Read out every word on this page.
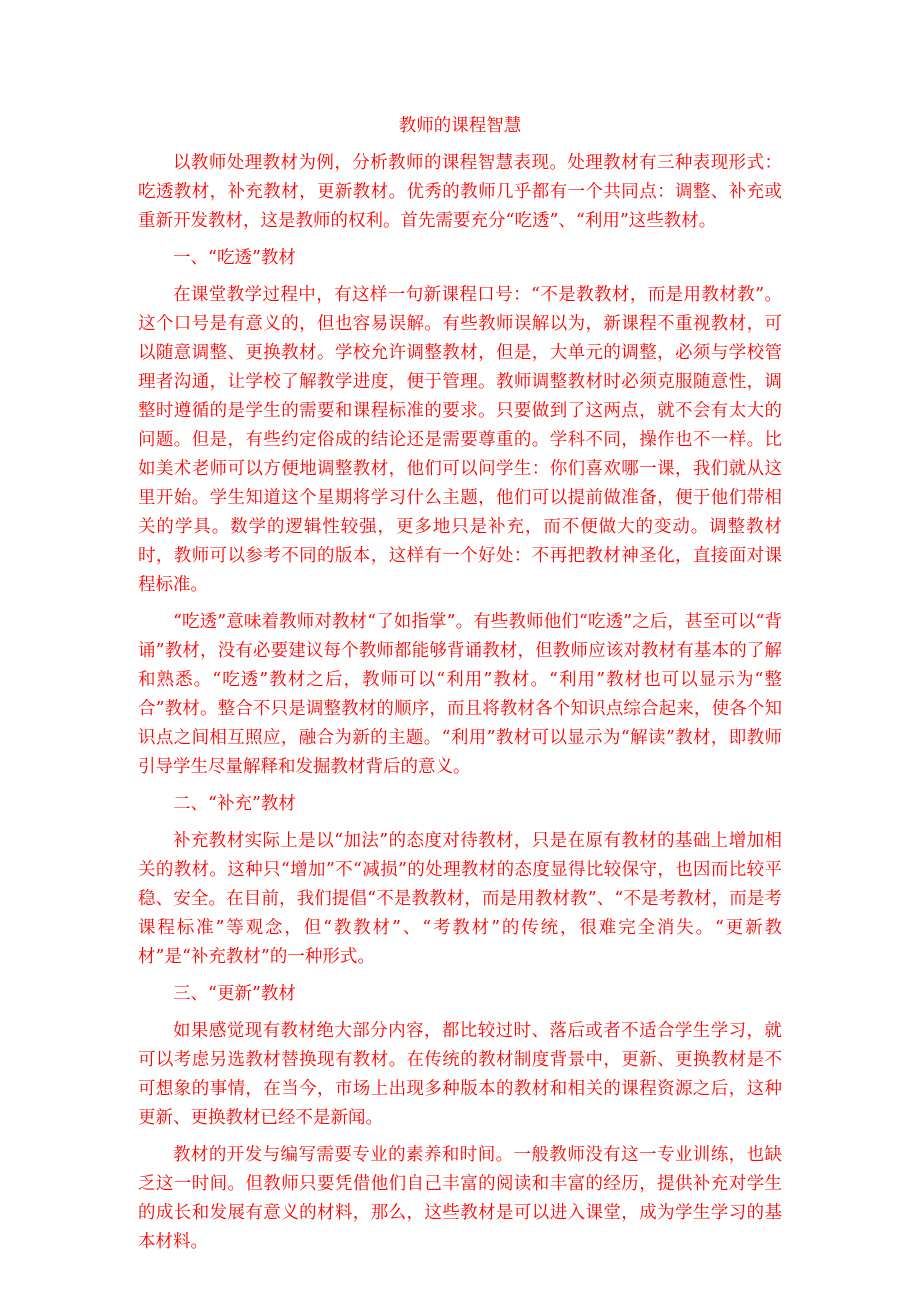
教师的课程智慧

以教师处理教材为例，分析教师的课程智慧表现。处理教材有三种表现形式：吃透教材，补充教材，更新教材。优秀的教师几乎都有一个共同点：调整、补充或重新开发教材，这是教师的权利。首先需要充分“吃透”、“利用”这些教材。

一、“吃透”教材

在课堂教学过程中，有这样一句新课程口号：“不是教教材，而是用教材教”。这个口号是有意义的，但也容易误解。有些教师误解以为，新课程不重视教材，可以随意调整、更换教材。学校允许调整教材，但是，大单元的调整，必须与学校管理者沟通，让学校了解教学进度，便于管理。教师调整教材时必须克服随意性，调整时遵循的是学生的需要和课程标准的要求。只要做到了这两点，就不会有太大的问题。但是，有些约定俗成的结论还是需要尊重的。学科不同，操作也不一样。比如美术老师可以方便地调整教材，他们可以问学生：你们喜欢哪一课，我们就从这里开始。学生知道这个星期将学习什么主题，他们可以提前做准备，便于他们带相关的学具。数学的逻辑性较强，更多地只是补充，而不便做大的变动。调整教材时，教师可以参考不同的版本，这样有一个好处：不再把教材神圣化，直接面对课程标准。

“吃透”意味着教师对教材“了如指掌”。有些教师他们“吃透”之后，甚至可以“背诵”教材，没有必要建议每个教师都能够背诵教材，但教师应该对教材有基本的了解和熟悉。“吃透”教材之后，教师可以“利用”教材。“利用”教材也可以显示为“整合”教材。整合不只是调整教材的顺序，而且将教材各个知识点综合起来，使各个知识点之间相互照应，融合为新的主题。“利用”教材可以显示为“解读”教材，即教师引导学生尽量解释和发掘教材背后的意义。

二、“补充”教材

补充教材实际上是以“加法”的态度对待教材，只是在原有教材的基础上增加相关的教材。这种只“增加”不“减损”的处理教材的态度显得比较保守，也因而比较平稳、安全。在目前，我们提倡“不是教教材，而是用教材教”、“不是考教材，而是考课程标准”等观念，但“教教材”、“考教材”的传统，很难完全消失。“更新教材”是“补充教材”的一种形式。

三、“更新”教材

如果感觉现有教材绝大部分内容，都比较过时、落后或者不适合学生学习，就可以考虑另选教材替换现有教材。在传统的教材制度背景中，更新、更换教材是不可想象的事情，在当今，市场上出现多种版本的教材和相关的课程资源之后，这种更新、更换教材已经不是新闻。

教材的开发与编写需要专业的素养和时间。一般教师没有这一专业训练，也缺乏这一时间。但教师只要凭借他们自己丰富的阅读和丰富的经历，提供补充对学生的成长和发展有意义的材料，那么，这些教材是可以进入课堂，成为学生学习的基本材料。
